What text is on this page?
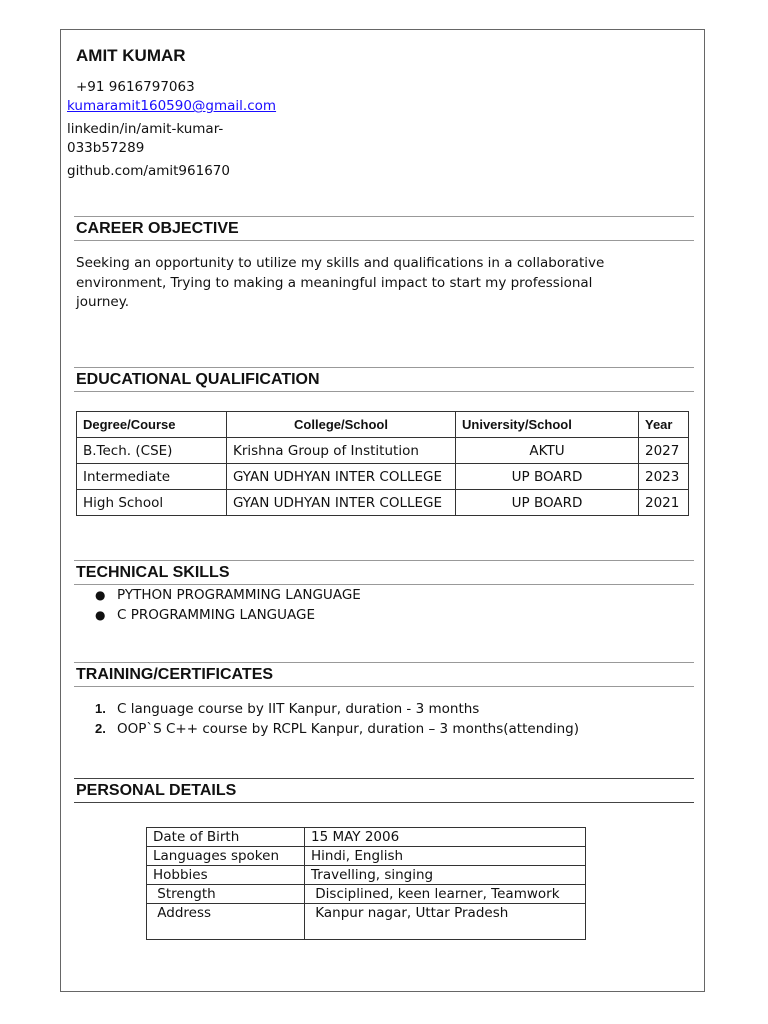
AMIT KUMAR
+91 9616797063
kumaramit160590@gmail.com
linkedin/in/amit-kumar-
033b57289
github.com/amit961670
CAREER OBJECTIVE
Seeking an opportunity to utilize my skills and qualifications in a collaborative environment, Trying to making a meaningful impact to start my professional journey.
EDUCATIONAL QUALIFICATION
Degree/Course	College/School	University/School	Year
B.Tech. (CSE)	Krishna Group of Institution	AKTU	2027
Intermediate	GYAN UDHYAN INTER COLLEGE	UP BOARD	2023
High School	GYAN UDHYAN INTER COLLEGE	UP BOARD	2021
TECHNICAL SKILLS
● PYTHON PROGRAMMING LANGUAGE
● C PROGRAMMING LANGUAGE
TRAINING/CERTIFICATES
1. C language course by IIT Kanpur, duration - 3 months
2. OOP`S C++ course by RCPL Kanpur, duration – 3 months(attending)
PERSONAL DETAILS
Date of Birth	15 MAY 2006
Languages spoken	Hindi, English
Hobbies	Travelling, singing
Strength	Disciplined, keen learner, Teamwork
Address	Kanpur nagar, Uttar Pradesh
